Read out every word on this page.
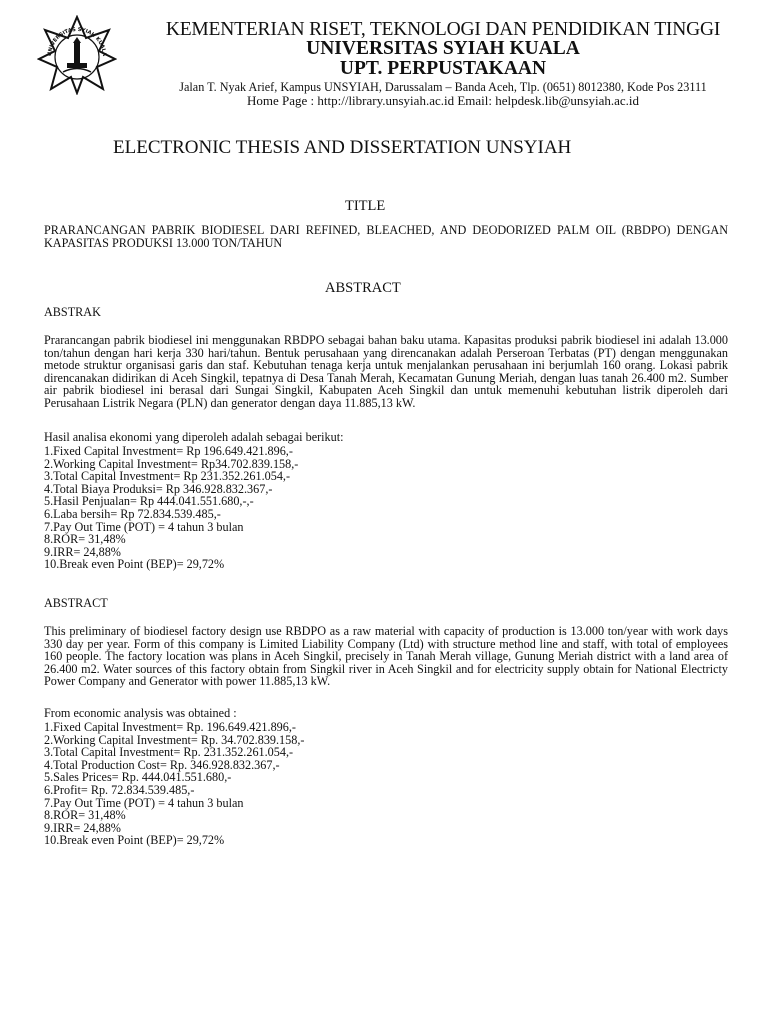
UNIVERSITAS SYIAH KUALA
KEMENTERIAN RISET, TEKNOLOGI DAN PENDIDIKAN TINGGI
UNIVERSITAS SYIAH KUALA
UPT. PERPUSTAKAAN
Jalan T. Nyak Arief, Kampus UNSYIAH, Darussalam – Banda Aceh, Tlp. (0651) 8012380, Kode Pos 23111
Home Page : http://library.unsyiah.ac.id Email: helpdesk.lib@unsyiah.ac.id
ELECTRONIC THESIS AND DISSERTATION UNSYIAH
TITLE
PRARANCANGAN PABRIK BIODIESEL DARI REFINED, BLEACHED, AND DEODORIZED PALM OIL (RBDPO) DENGAN KAPASITAS PRODUKSI 13.000 TON/TAHUN
ABSTRACT
ABSTRAK
Prarancangan pabrik biodiesel ini menggunakan RBDPO sebagai bahan baku utama. Kapasitas produksi pabrik biodiesel ini adalah 13.000 ton/tahun dengan hari kerja 330 hari/tahun. Bentuk perusahaan yang direncanakan adalah Perseroan Terbatas (PT) dengan menggunakan metode struktur organisasi garis dan staf. Kebutuhan tenaga kerja untuk menjalankan perusahaan ini berjumlah 160 orang. Lokasi pabrik direncanakan didirikan di Aceh Singkil, tepatnya di Desa Tanah Merah, Kecamatan Gunung Meriah, dengan luas tanah 26.400 m2. Sumber air pabrik biodiesel ini berasal dari Sungai Singkil, Kabupaten Aceh Singkil dan untuk memenuhi kebutuhan listrik diperoleh dari Perusahaan Listrik Negara (PLN) dan generator dengan daya 11.885,13 kW.
Hasil analisa ekonomi yang diperoleh adalah sebagai berikut:
1.Fixed Capital Investment= Rp 196.649.421.896,-
2.Working Capital Investment= Rp34.702.839.158,-
3.Total Capital Investment= Rp 231.352.261.054,-
4.Total Biaya Produksi= Rp 346.928.832.367,-
5.Hasil Penjualan= Rp 444.041.551.680,-,-
6.Laba bersih= Rp 72.834.539.485,-
7.Pay Out Time (POT) = 4 tahun 3 bulan
8.ROR= 31,48%
9.IRR= 24,88%
10.Break even Point (BEP)= 29,72%
ABSTRACT
This preliminary of biodiesel factory design use RBDPO as a raw material with capacity of production is 13.000 ton/year with work days 330 day per year. Form of this company is Limited Liability Company (Ltd) with structure method line and staff, with total of employees 160 people. The factory location was plans in Aceh Singkil, precisely in Tanah Merah village, Gunung Meriah district with a land area of 26.400 m2. Water sources of this factory obtain from Singkil river in Aceh Singkil and for electricity supply obtain for National Electricty Power Company and Generator with power 11.885,13 kW.
From economic analysis was obtained :
1.Fixed Capital Investment= Rp. 196.649.421.896,-
2.Working Capital Investment= Rp. 34.702.839.158,-
3.Total Capital Investment= Rp. 231.352.261.054,-
4.Total Production Cost= Rp. 346.928.832.367,-
5.Sales Prices= Rp. 444.041.551.680,-
6.Profit= Rp. 72.834.539.485,-
7.Pay Out Time (POT) = 4 tahun 3 bulan
8.ROR= 31,48%
9.IRR= 24,88%
10.Break even Point (BEP)= 29,72%
